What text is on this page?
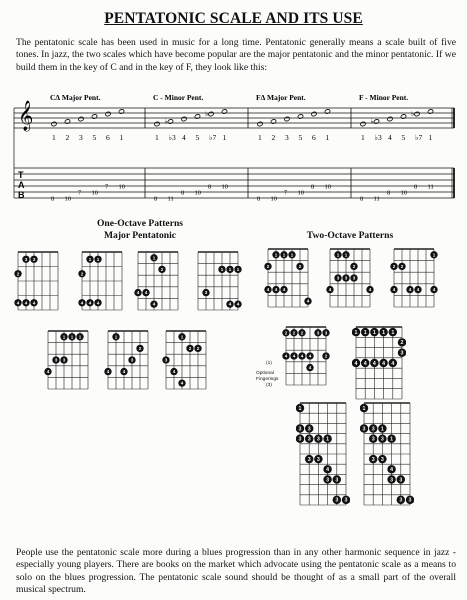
PENTATONIC SCALE AND ITS USE
The pentatonic scale has been used in music for a long time. Pentatonic generally means a scale built of five tones. In jazz, the two scales which have become popular are the major pentatonic and the minor pentatonic. If we build them in the key of C and in the key of F, they look like this:
𝄞
T
A
B
C∆ Major Pent.
1 2 3 5 6 1
8 10
7 10
7 10
C - Minor Pent.
1
♭
♭3 4 5
♭
♭7 1
8 11
8 10
8 10
F∆ Major Pent.
1 2 3 5 6 1
8 10
7 10
8 10
F - Minor Pent.
1
♭
♭3 4 5
♭
♭7 1
8 11
8 10
8 11
One-Octave Patterns
Major Pentatonic	Two-Octave Patterns
Optional
Fingerings
(1)
(3)
3 3
2
4 4 4
1 1
2
4 4 4
1
2
4 4
4
1 1 1
3
4 4
1 1 1
3 3
4
1
2
3
4	4
1
2 2
3
4
4
1 1 1
2	2
4 4 4
4
1 1
2
3 3 3
4	4
1
2 2
4	4 4	4
2 2 2	3 3
4 4 4 4	2
4
1 1 1 1 1
2
4 4 4 4 4
3
1
3 3
3 3 3 1
3 3
4
3 3
3
3
1
3 3 1
3 3 1
3 3
4
3 3
3
3
People use the pentatonic scale more during a blues progression than in any other harmonic sequence in jazz - especially young players. There are books on the market which advocate using the pentatonic scale as a means to solo on the blues progression. The pentatonic scale sound should be thought of as a small part of the overall musical spectrum.
